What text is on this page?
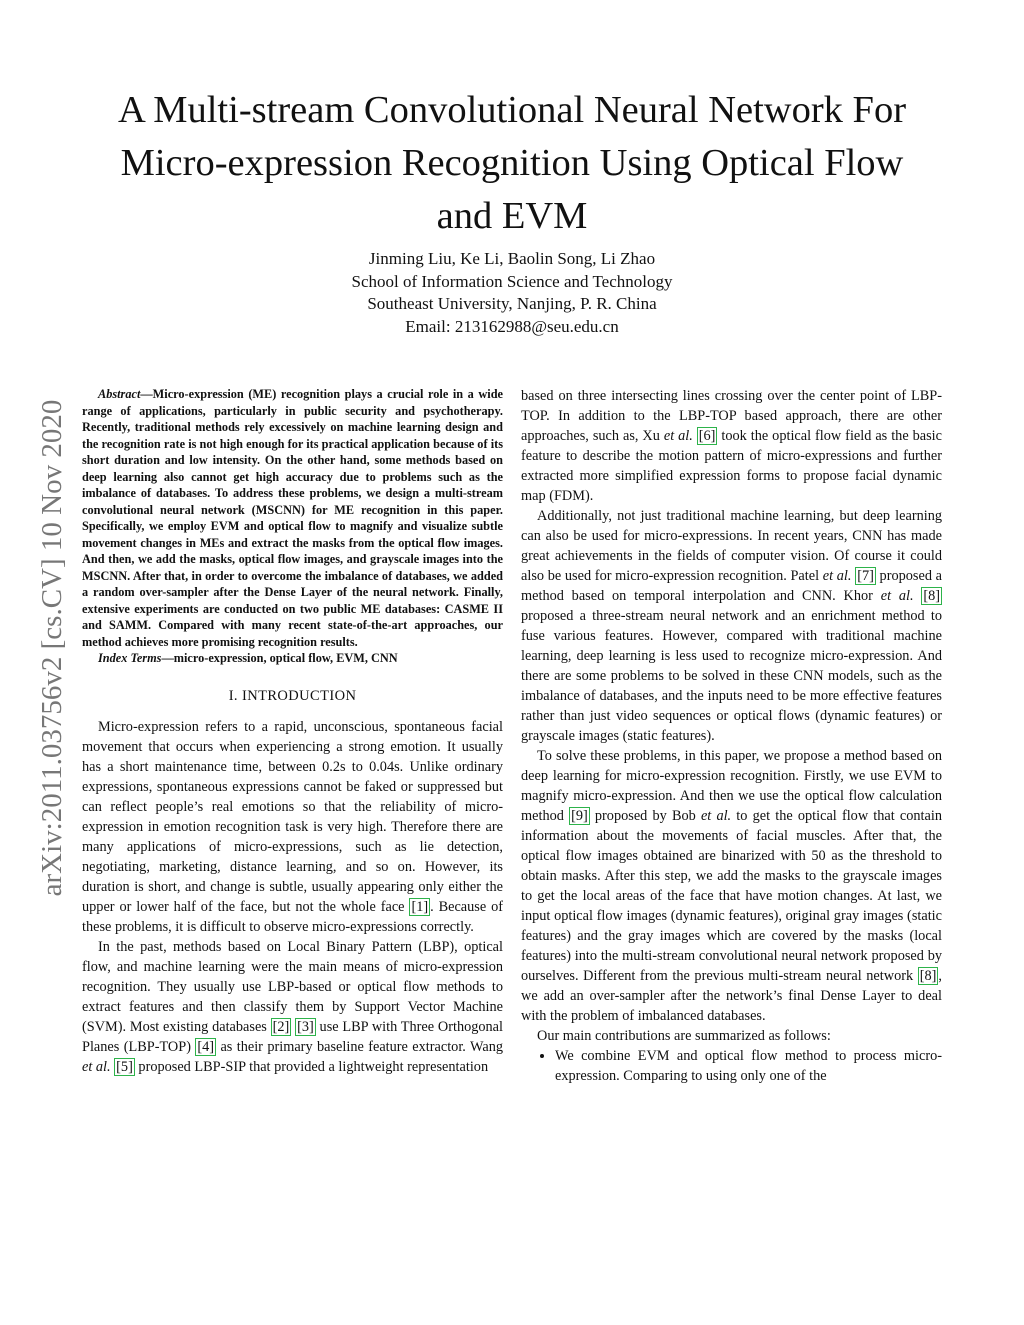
A Multi-stream Convolutional Neural Network For
Micro-expression Recognition Using Optical Flow
and EVM
Jinming Liu, Ke Li, Baolin Song, Li Zhao
School of Information Science and Technology
Southeast University, Nanjing, P. R. China
Email: 213162988@seu.edu.cn
arXiv:2011.03756v2 [cs.CV] 10 Nov 2020

Abstract—Micro-expression (ME) recognition plays a crucial role in a wide range of applications, particularly in public security and psychotherapy. Recently, traditional methods rely excessively on machine learning design and the recognition rate is not high enough for its practical application because of its short duration and low intensity. On the other hand, some methods based on deep learning also cannot get high accuracy due to problems such as the imbalance of databases. To address these problems, we design a multi-stream convolutional neural network (MSCNN) for ME recognition in this paper. Specifically, we employ EVM and optical flow to magnify and visualize subtle movement changes in MEs and extract the masks from the optical flow images. And then, we add the masks, optical flow images, and grayscale images into the MSCNN. After that, in order to overcome the imbalance of databases, we added a random over-sampler after the Dense Layer of the neural network. Finally, extensive experiments are conducted on two public ME databases: CASME II and SAMM. Compared with many recent state-of-the-art approaches, our method achieves more promising recognition results.

Index Terms—micro-expression, optical flow, EVM, CNN

I. INTRODUCTION

Micro-expression refers to a rapid, unconscious, spontaneous facial movement that occurs when experiencing a strong emotion. It usually has a short maintenance time, between 0.2s to 0.04s. Unlike ordinary expressions, spontaneous expressions cannot be faked or suppressed but can reflect people’s real emotions so that the reliability of micro-expression in emotion recognition task is very high. Therefore there are many applications of micro-expressions, such as lie detection, negotiating, marketing, distance learning, and so on. However, its duration is short, and change is subtle, usually appearing only either the upper or lower half of the face, but not the whole face [1] . Because of these problems, it is difficult to observe micro-expressions correctly.

In the past, methods based on Local Binary Pattern (LBP), optical flow, and machine learning were the main means of micro-expression recognition. They usually use LBP-based or optical flow methods to extract features and then classify them by Support Vector Machine (SVM). Most existing databases [2] [3] use LBP with Three Orthogonal Planes (LBP-TOP) [4] as their primary baseline feature extractor. Wang et al. [5] proposed LBP-SIP that provided a lightweight representation

based on three intersecting lines crossing over the center point of LBP-TOP. In addition to the LBP-TOP based approach, there are other approaches, such as, Xu et al. [6] took the optical flow field as the basic feature to describe the motion pattern of micro-expressions and further extracted more simplified expression forms to propose facial dynamic map (FDM).

Additionally, not just traditional machine learning, but deep learning can also be used for micro-expressions. In recent years, CNN has made great achievements in the fields of computer vision. Of course it could also be used for micro-expression recognition. Patel et al. [7] proposed a method based on temporal interpolation and CNN. Khor et al. [8] proposed a three-stream neural network and an enrichment method to fuse various features. However, compared with traditional machine learning, deep learning is less used to recognize micro-expression. And there are some problems to be solved in these CNN models, such as the imbalance of databases, and the inputs need to be more effective features rather than just video sequences or optical flows (dynamic features) or grayscale images (static features).

To solve these problems, in this paper, we propose a method based on deep learning for micro-expression recognition. Firstly, we use EVM to magnify micro-expression. And then we use the optical flow calculation method [9] proposed by Bob et al. to get the optical flow that contain information about the movements of facial muscles. After that, the optical flow images obtained are binarized with 50 as the threshold to obtain masks. After this step, we add the masks to the grayscale images to get the local areas of the face that have motion changes. At last, we input optical flow images (dynamic features), original gray images (static features) and the gray images which are covered by the masks (local features) into the multi-stream convolutional neural network proposed by ourselves. Different from the previous multi-stream neural network [8] , we add an over-sampler after the network’s final Dense Layer to deal with the problem of imbalanced databases.

Our main contributions are summarized as follows:

• We combine EVM and optical flow method to process micro-expression. Comparing to using only one of the
